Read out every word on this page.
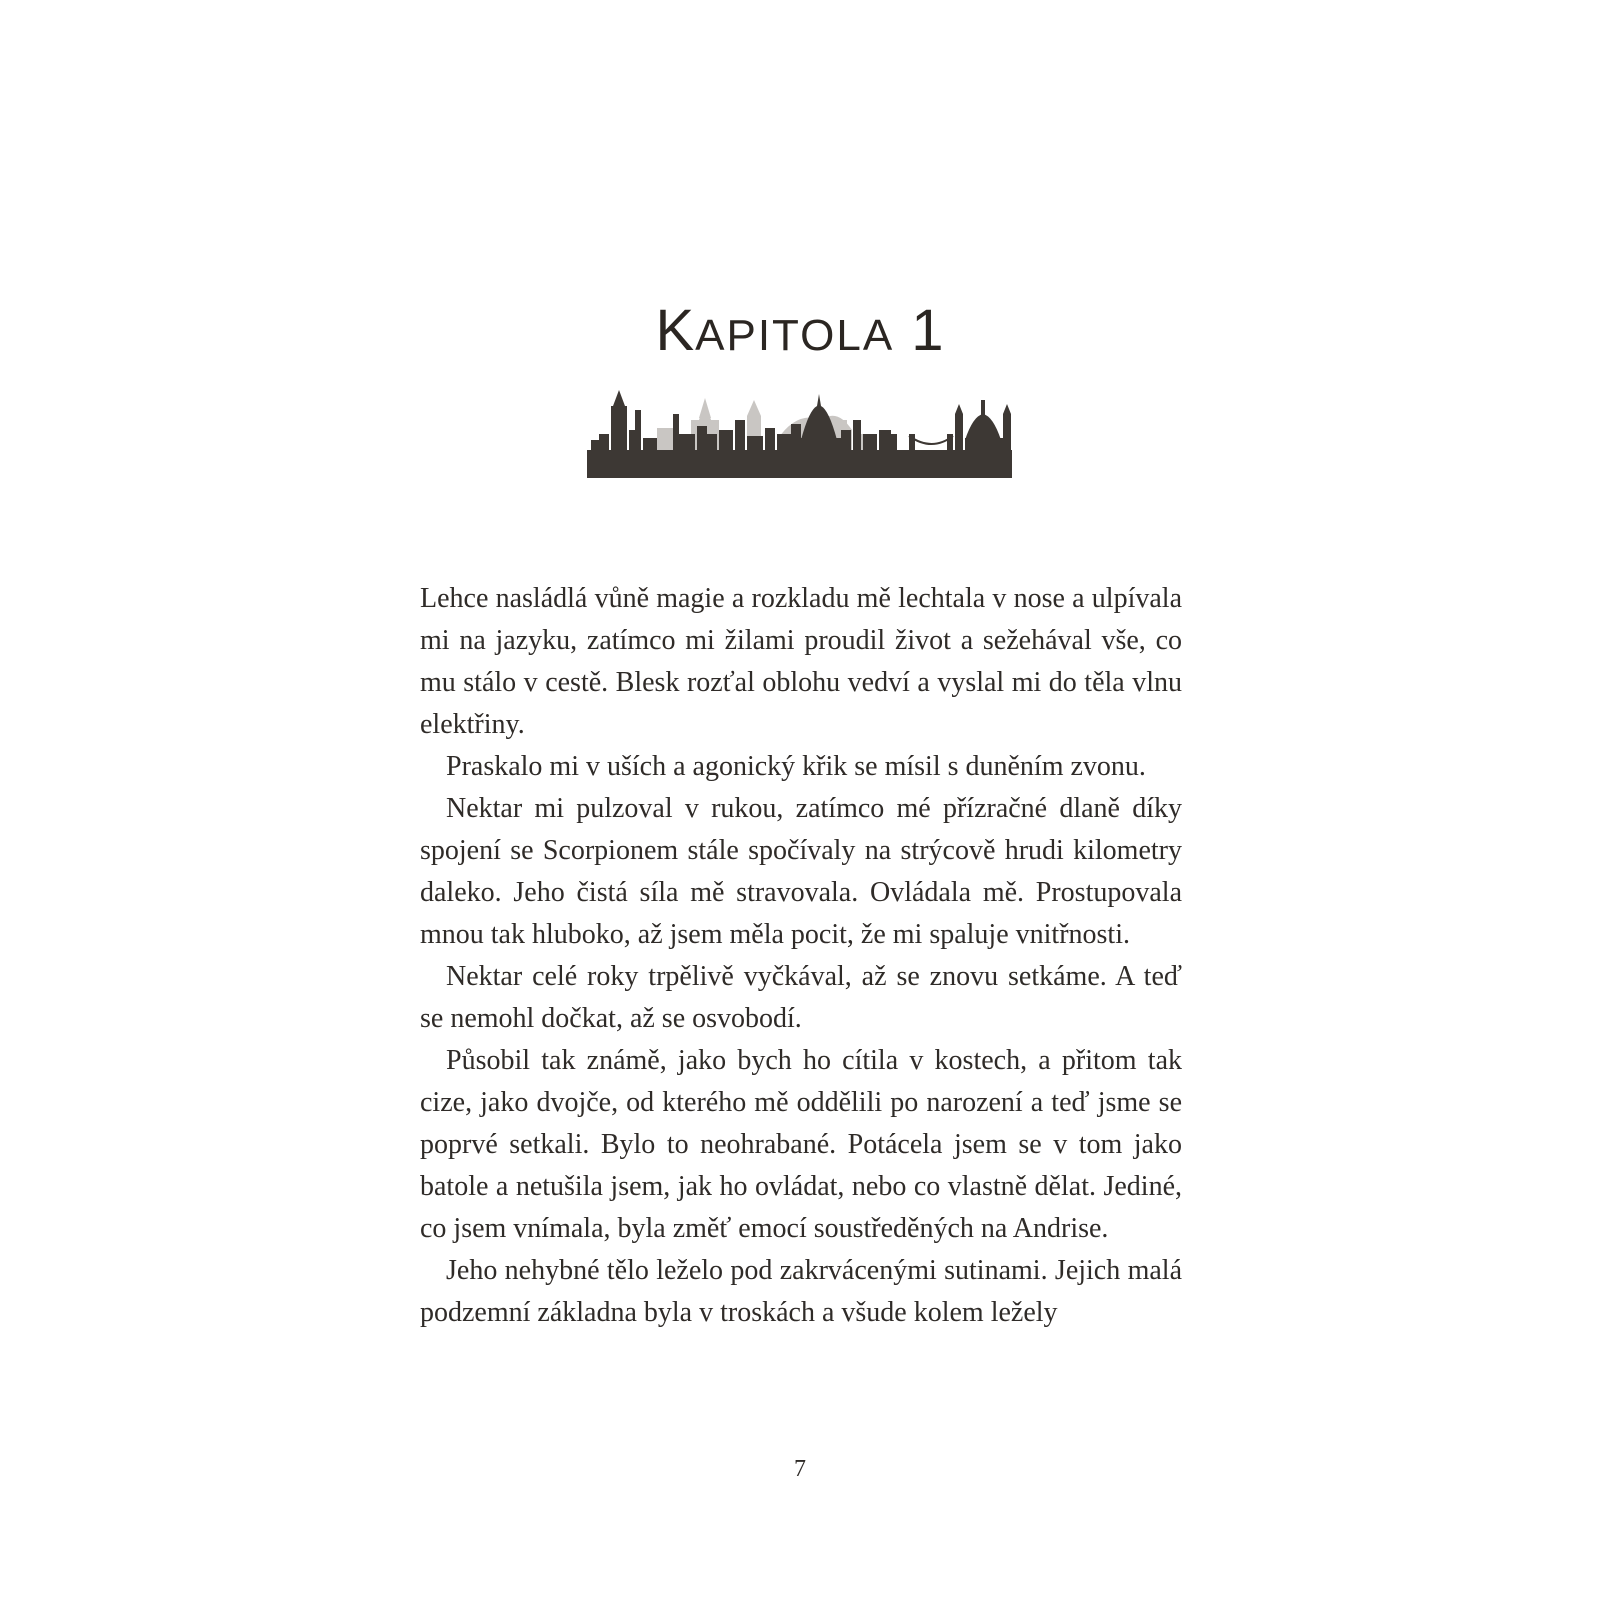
KAPITOLA 1

Lehce nasládlá vůně magie a rozkladu mě lechtala v nose a ulpívala mi na jazyku, zatímco mi žilami proudil život a sežehával vše, co mu stálo v cestě. Blesk rozťal oblohu vedví a vyslal mi do těla vlnu elektřiny.

Praskalo mi v uších a agonický křik se mísil s duněním zvonu.

Nektar mi pulzoval v rukou, zatímco mé přízračné dlaně díky spojení se Scorpionem stále spočívaly na strýcově hrudi kilometry daleko. Jeho čistá síla mě stravovala. Ovládala mě. Prostupovala mnou tak hluboko, až jsem měla pocit, že mi spaluje vnitřnosti.

Nektar celé roky trpělivě vyčkával, až se znovu setkáme. A teď se nemohl dočkat, až se osvobodí.

Působil tak známě, jako bych ho cítila v kostech, a přitom tak cize, jako dvojče, od kterého mě oddělili po narození a teď jsme se poprvé setkali. Bylo to neohrabané. Potácela jsem se v tom jako batole a netušila jsem, jak ho ovládat, nebo co vlastně dělat. Jediné, co jsem vnímala, byla změť emocí soustředěných na Andrise.

Jeho nehybné tělo leželo pod zakrvácenými sutinami. Jejich malá podzemní základna byla v troskách a všude kolem ležely

7
